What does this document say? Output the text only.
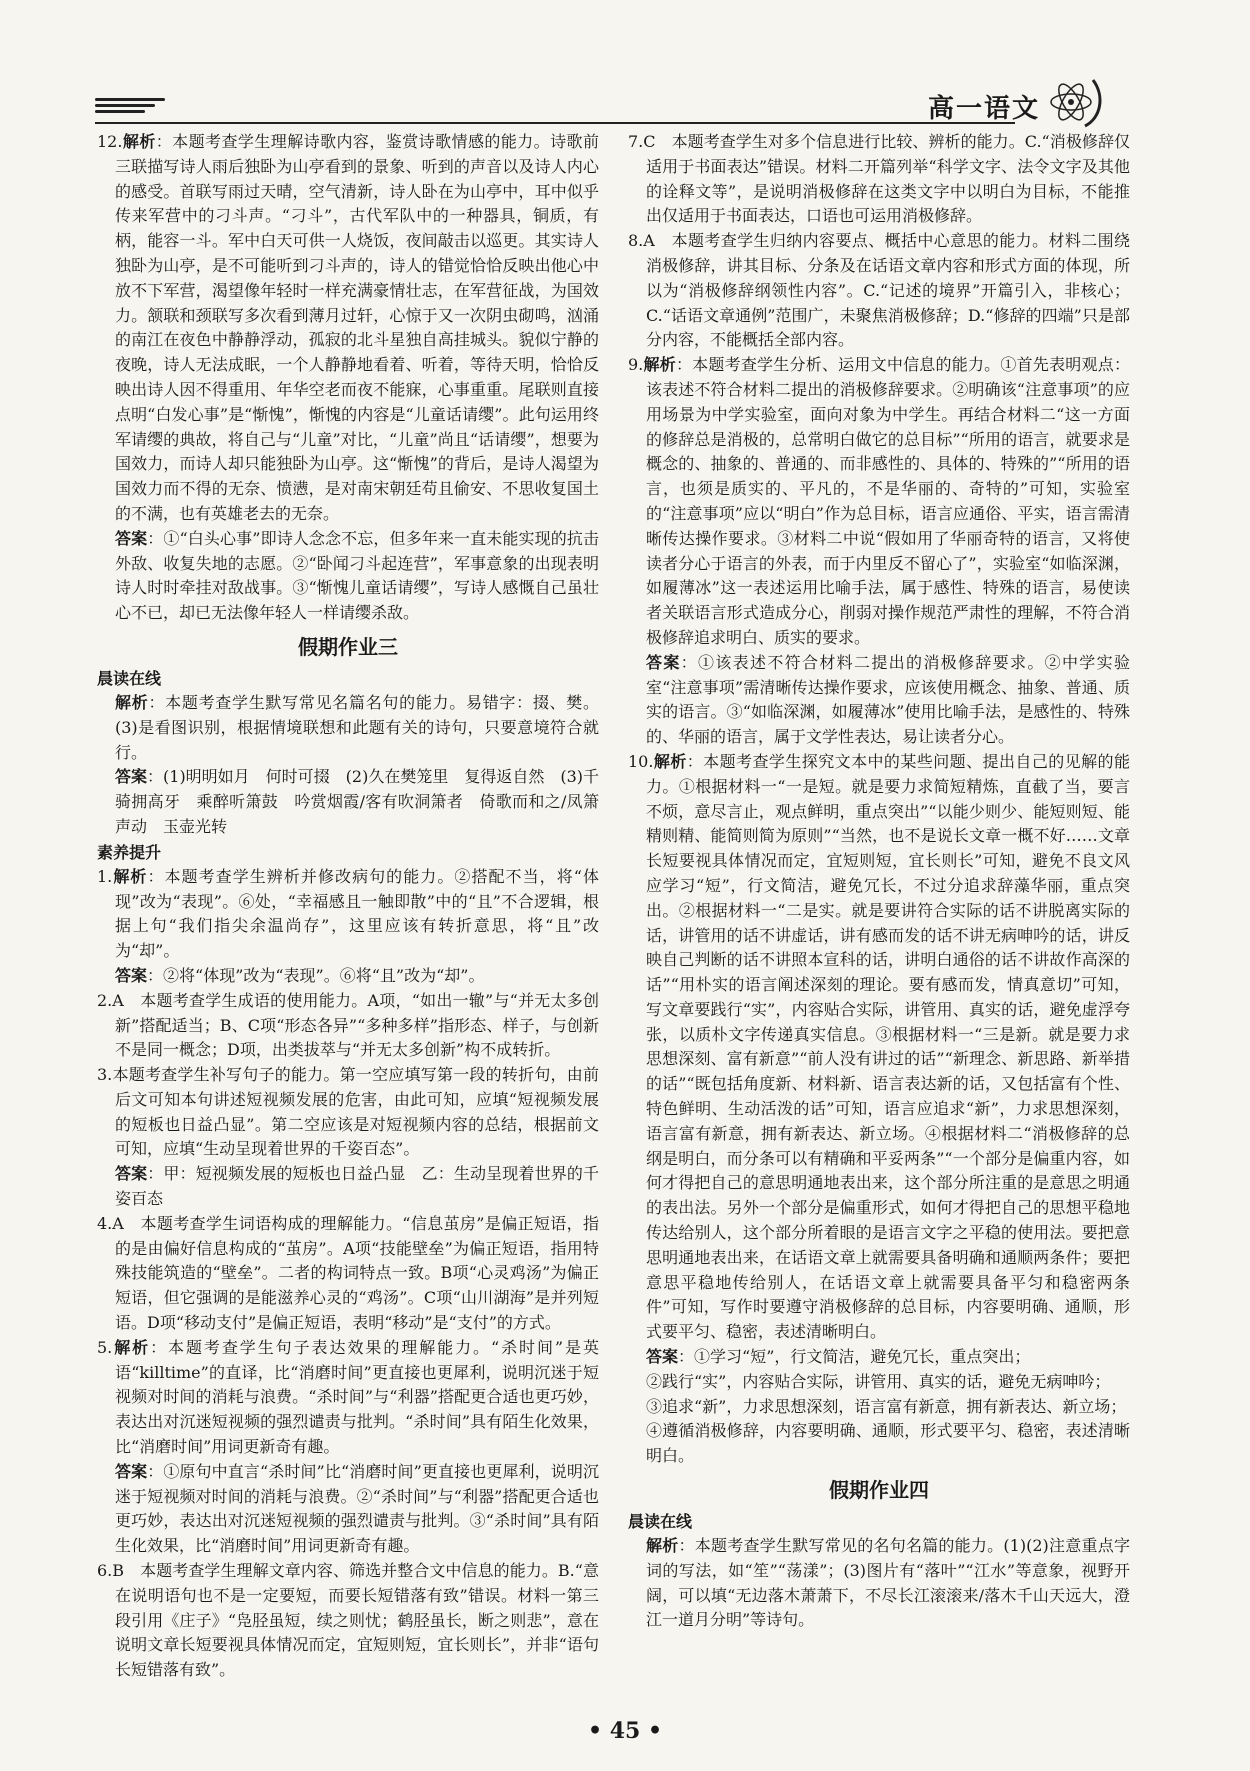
高一语文

12.解析：本题考查学生理解诗歌内容，鉴赏诗歌情感的能力。诗歌前三联描写诗人雨后独卧为山亭看到的景象、听到的声音以及诗人内心的感受。首联写雨过天晴，空气清新，诗人卧在为山亭中，耳中似乎传来军营中的刁斗声。“刁斗”，古代军队中的一种器具，铜质，有柄，能容一斗。军中白天可供一人烧饭，夜间敲击以巡更。其实诗人独卧为山亭，是不可能听到刁斗声的，诗人的错觉恰恰反映出他心中放不下军营，渴望像年轻时一样充满豪情壮志，在军营征战，为国效力。颔联和颈联写多次看到薄月过轩，心惊于又一次阴虫砌鸣，汹涌的南江在夜色中静静浮动，孤寂的北斗星独自高挂城头。貌似宁静的夜晚，诗人无法成眠，一个人静静地看着、听着，等待天明，恰恰反映出诗人因不得重用、年华空老而夜不能寐，心事重重。尾联则直接点明“白发心事”是“惭愧”，惭愧的内容是“儿童话请缨”。此句运用终军请缨的典故，将自己与“儿童”对比，“儿童”尚且“话请缨”，想要为国效力，而诗人却只能独卧为山亭。这“惭愧”的背后，是诗人渴望为国效力而不得的无奈、愤懑，是对南宋朝廷苟且偷安、不思收复国土的不满，也有英雄老去的无奈。

答案：①“白头心事”即诗人念念不忘，但多年来一直未能实现的抗击外敌、收复失地的志愿。②“卧闻刁斗起连营”，军事意象的出现表明诗人时时牵挂对敌战事。③“惭愧儿童话请缨”，写诗人感慨自己虽壮心不已，却已无法像年轻人一样请缨杀敌。

假期作业三
晨读在线

解析：本题考查学生默写常见名篇名句的能力。易错字：掇、樊。(3)是看图识别，根据情境联想和此题有关的诗句，只要意境符合就行。

答案：(1)明明如月　何时可掇　(2)久在樊笼里　复得返自然　(3)千骑拥高牙　乘醉听箫鼓　吟赏烟霞/客有吹洞箫者　倚歌而和之/凤箫声动　玉壶光转

素养提升

1.解析：本题考查学生辨析并修改病句的能力。②搭配不当，将“体现”改为“表现”。⑥处，“幸福感且一触即散”中的“且”不合逻辑，根据上句“我们指尖余温尚存”，这里应该有转折意思，将“且”改为“却”。

答案：②将“体现”改为“表现”。⑥将“且”改为“却”。

2.A　本题考查学生成语的使用能力。A项，“如出一辙”与“并无太多创新”搭配适当；B、C项“形态各异”“多种多样”指形态、样子，与创新不是同一概念；D项，出类拔萃与“并无太多创新”构不成转折。

3.本题考查学生补写句子的能力。第一空应填写第一段的转折句，由前后文可知本句讲述短视频发展的危害，由此可知，应填“短视频发展的短板也日益凸显”。第二空应该是对短视频内容的总结，根据前文可知，应填“生动呈现着世界的千姿百态”。

答案：甲：短视频发展的短板也日益凸显　乙：生动呈现着世界的千姿百态

4.A　本题考查学生词语构成的理解能力。“信息茧房”是偏正短语，指的是由偏好信息构成的“茧房”。A项“技能壁垒”为偏正短语，指用特殊技能筑造的“壁垒”。二者的构词特点一致。B项“心灵鸡汤”为偏正短语，但它强调的是能滋养心灵的“鸡汤”。C项“山川湖海”是并列短语。D项“移动支付”是偏正短语，表明“移动”是“支付”的方式。

5.解析：本题考查学生句子表达效果的理解能力。“杀时间”是英语“killtime”的直译，比“消磨时间”更直接也更犀利，说明沉迷于短视频对时间的消耗与浪费。“杀时间”与“利器”搭配更合适也更巧妙，表达出对沉迷短视频的强烈谴责与批判。“杀时间”具有陌生化效果，比“消磨时间”用词更新奇有趣。

答案：①原句中直言“杀时间”比“消磨时间”更直接也更犀利，说明沉迷于短视频对时间的消耗与浪费。②“杀时间”与“利器”搭配更合适也更巧妙，表达出对沉迷短视频的强烈谴责与批判。③“杀时间”具有陌生化效果，比“消磨时间”用词更新奇有趣。

6.B　本题考查学生理解文章内容、筛选并整合文中信息的能力。B.“意在说明语句也不是一定要短，而要长短错落有致”错误。材料一第三段引用《庄子》“凫胫虽短，续之则忧；鹤胫虽长，断之则悲”，意在说明文章长短要视具体情况而定，宜短则短，宜长则长”，并非“语句长短错落有致”。

7.C　本题考查学生对多个信息进行比较、辨析的能力。C.“消极修辞仅适用于书面表达”错误。材料二开篇列举“科学文字、法令文字及其他的诠释文等”，是说明消极修辞在这类文字中以明白为目标，不能推出仅适用于书面表达，口语也可运用消极修辞。

8.A　本题考查学生归纳内容要点、概括中心意思的能力。材料二围绕消极修辞，讲其目标、分条及在话语文章内容和形式方面的体现，所以为“消极修辞纲领性内容”。C.“记述的境界”开篇引入，非核心；C.“话语文章通例”范围广，未聚焦消极修辞；D.“修辞的四端”只是部分内容，不能概括全部内容。

9.解析：本题考查学生分析、运用文中信息的能力。①首先表明观点：该表述不符合材料二提出的消极修辞要求。②明确该“注意事项”的应用场景为中学实验室，面向对象为中学生。再结合材料二“这一方面的修辞总是消极的，总常明白做它的总目标”“所用的语言，就要求是概念的、抽象的、普通的、而非感性的、具体的、特殊的”“所用的语言，也须是质实的、平凡的，不是华丽的、奇特的”可知，实验室的“注意事项”应以“明白”作为总目标，语言应通俗、平实，语言需清晰传达操作要求。③材料二中说“假如用了华丽奇特的语言，又将使读者分心于语言的外表，而于内里反不留心了”，实验室“如临深渊，如履薄冰”这一表述运用比喻手法，属于感性、特殊的语言，易使读者关联语言形式造成分心，削弱对操作规范严肃性的理解，不符合消极修辞追求明白、质实的要求。

答案：①该表述不符合材料二提出的消极修辞要求。②中学实验室“注意事项”需清晰传达操作要求，应该使用概念、抽象、普通、质实的语言。③“如临深渊，如履薄冰”使用比喻手法，是感性的、特殊的、华丽的语言，属于文学性表达，易让读者分心。

10.解析：本题考查学生探究文本中的某些问题、提出自己的见解的能力。①根据材料一“一是短。就是要力求简短精炼，直截了当，要言不烦，意尽言止，观点鲜明，重点突出”“以能少则少、能短则短、能精则精、能简则简为原则”“当然，也不是说长文章一概不好……文章长短要视具体情况而定，宜短则短，宜长则长”可知，避免不良文风应学习“短”，行文简洁，避免冗长，不过分追求辞藻华丽，重点突出。②根据材料一“二是实。就是要讲符合实际的话不讲脱离实际的话，讲管用的话不讲虚话，讲有感而发的话不讲无病呻吟的话，讲反映自己判断的话不讲照本宣科的话，讲明白通俗的话不讲故作高深的话”“用朴实的语言阐述深刻的理论。要有感而发，情真意切”可知，写文章要践行“实”，内容贴合实际，讲管用、真实的话，避免虚浮夸张，以质朴文字传递真实信息。③根据材料一“三是新。就是要力求思想深刻、富有新意”“前人没有讲过的话”“新理念、新思路、新举措的话”“既包括角度新、材料新、语言表达新的话，又包括富有个性、特色鲜明、生动活泼的话”可知，语言应追求“新”，力求思想深刻，语言富有新意，拥有新表达、新立场。④根据材料二“消极修辞的总纲是明白，而分条可以有精确和平妥两条”“一个部分是偏重内容，如何才得把自己的意思明通地表出来，这个部分所注重的是意思之明通的表出法。另外一个部分是偏重形式，如何才得把自己的思想平稳地传达给别人，这个部分所着眼的是语言文字之平稳的使用法。要把意思明通地表出来，在话语文章上就需要具备明确和通顺两条件；要把意思平稳地传给别人，在话语文章上就需要具备平匀和稳密两条件”可知，写作时要遵守消极修辞的总目标，内容要明确、通顺，形式要平匀、稳密，表述清晰明白。

答案：①学习“短”，行文简洁，避免冗长，重点突出；

②践行“实”，内容贴合实际，讲管用、真实的话，避免无病呻吟；

③追求“新”，力求思想深刻，语言富有新意，拥有新表达、新立场；

④遵循消极修辞，内容要明确、通顺，形式要平匀、稳密，表述清晰明白。

假期作业四
晨读在线

解析：本题考查学生默写常见的名句名篇的能力。(1)(2)注意重点字词的写法，如“笙”“荡漾”；(3)图片有“落叶”“江水”等意象，视野开阔，可以填“无边落木萧萧下，不尽长江滚滚来/落木千山天远大，澄江一道月分明”等诗句。

• 45 •
